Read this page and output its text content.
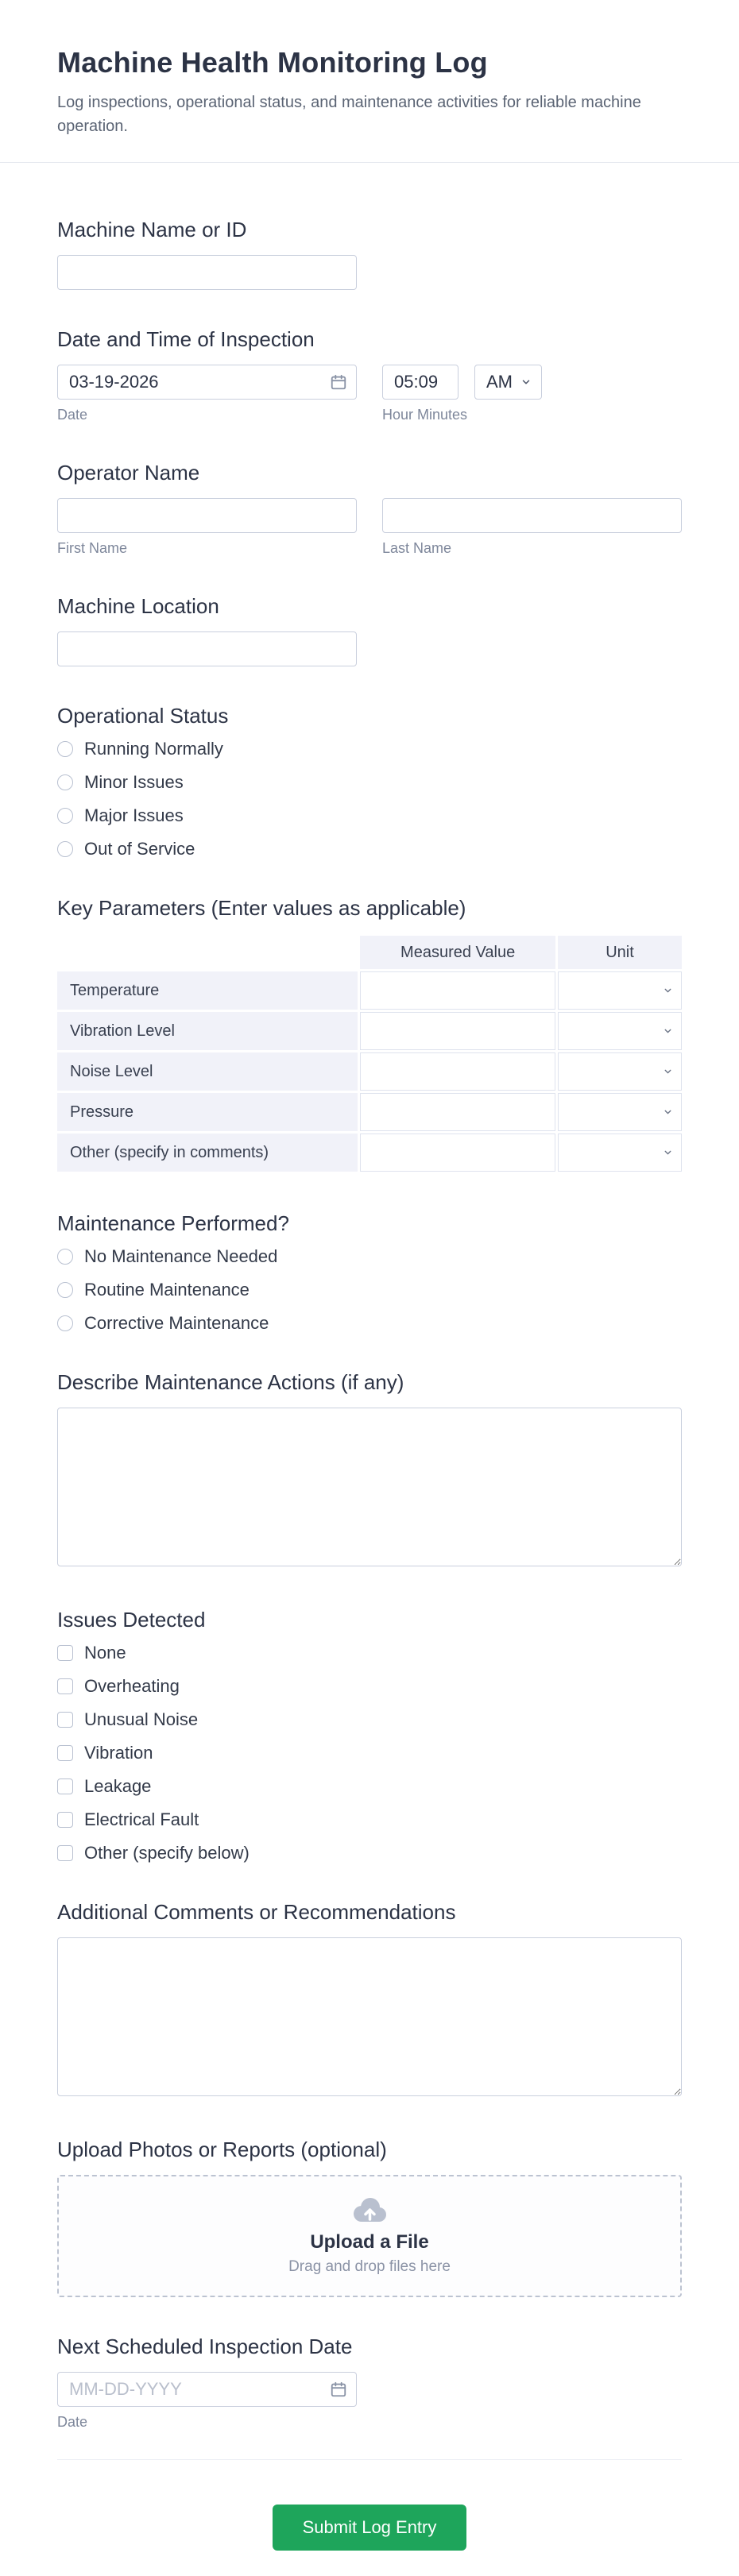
Machine Health Monitoring Log

Log inspections, operational status, and maintenance activities for reliable machine operation.

Machine Name or ID
Date and Time of Inspection
03-19-2026
Date
05:09
AM
Hour Minutes
Operator Name
First Name	Last Name
Machine Location
Operational Status
Running Normally
Minor Issues
Major Issues
Out of Service
Key Parameters (Enter values as applicable)
	Measured Value	Unit
Temperature		

Vibration Level		

Noise Level		

Pressure		

Other (specify in comments)		
Maintenance Performed?
No Maintenance Needed
Routine Maintenance
Corrective Maintenance
Describe Maintenance Actions (if any)
Issues Detected
None
Overheating
Unusual Noise
Vibration
Leakage
Electrical Fault
Other (specify below)
Additional Comments or Recommendations
Upload Photos or Reports (optional)
Upload a File
Drag and drop files here
Next Scheduled Inspection Date
MM-DD-YYYY
Date
Submit Log Entry
